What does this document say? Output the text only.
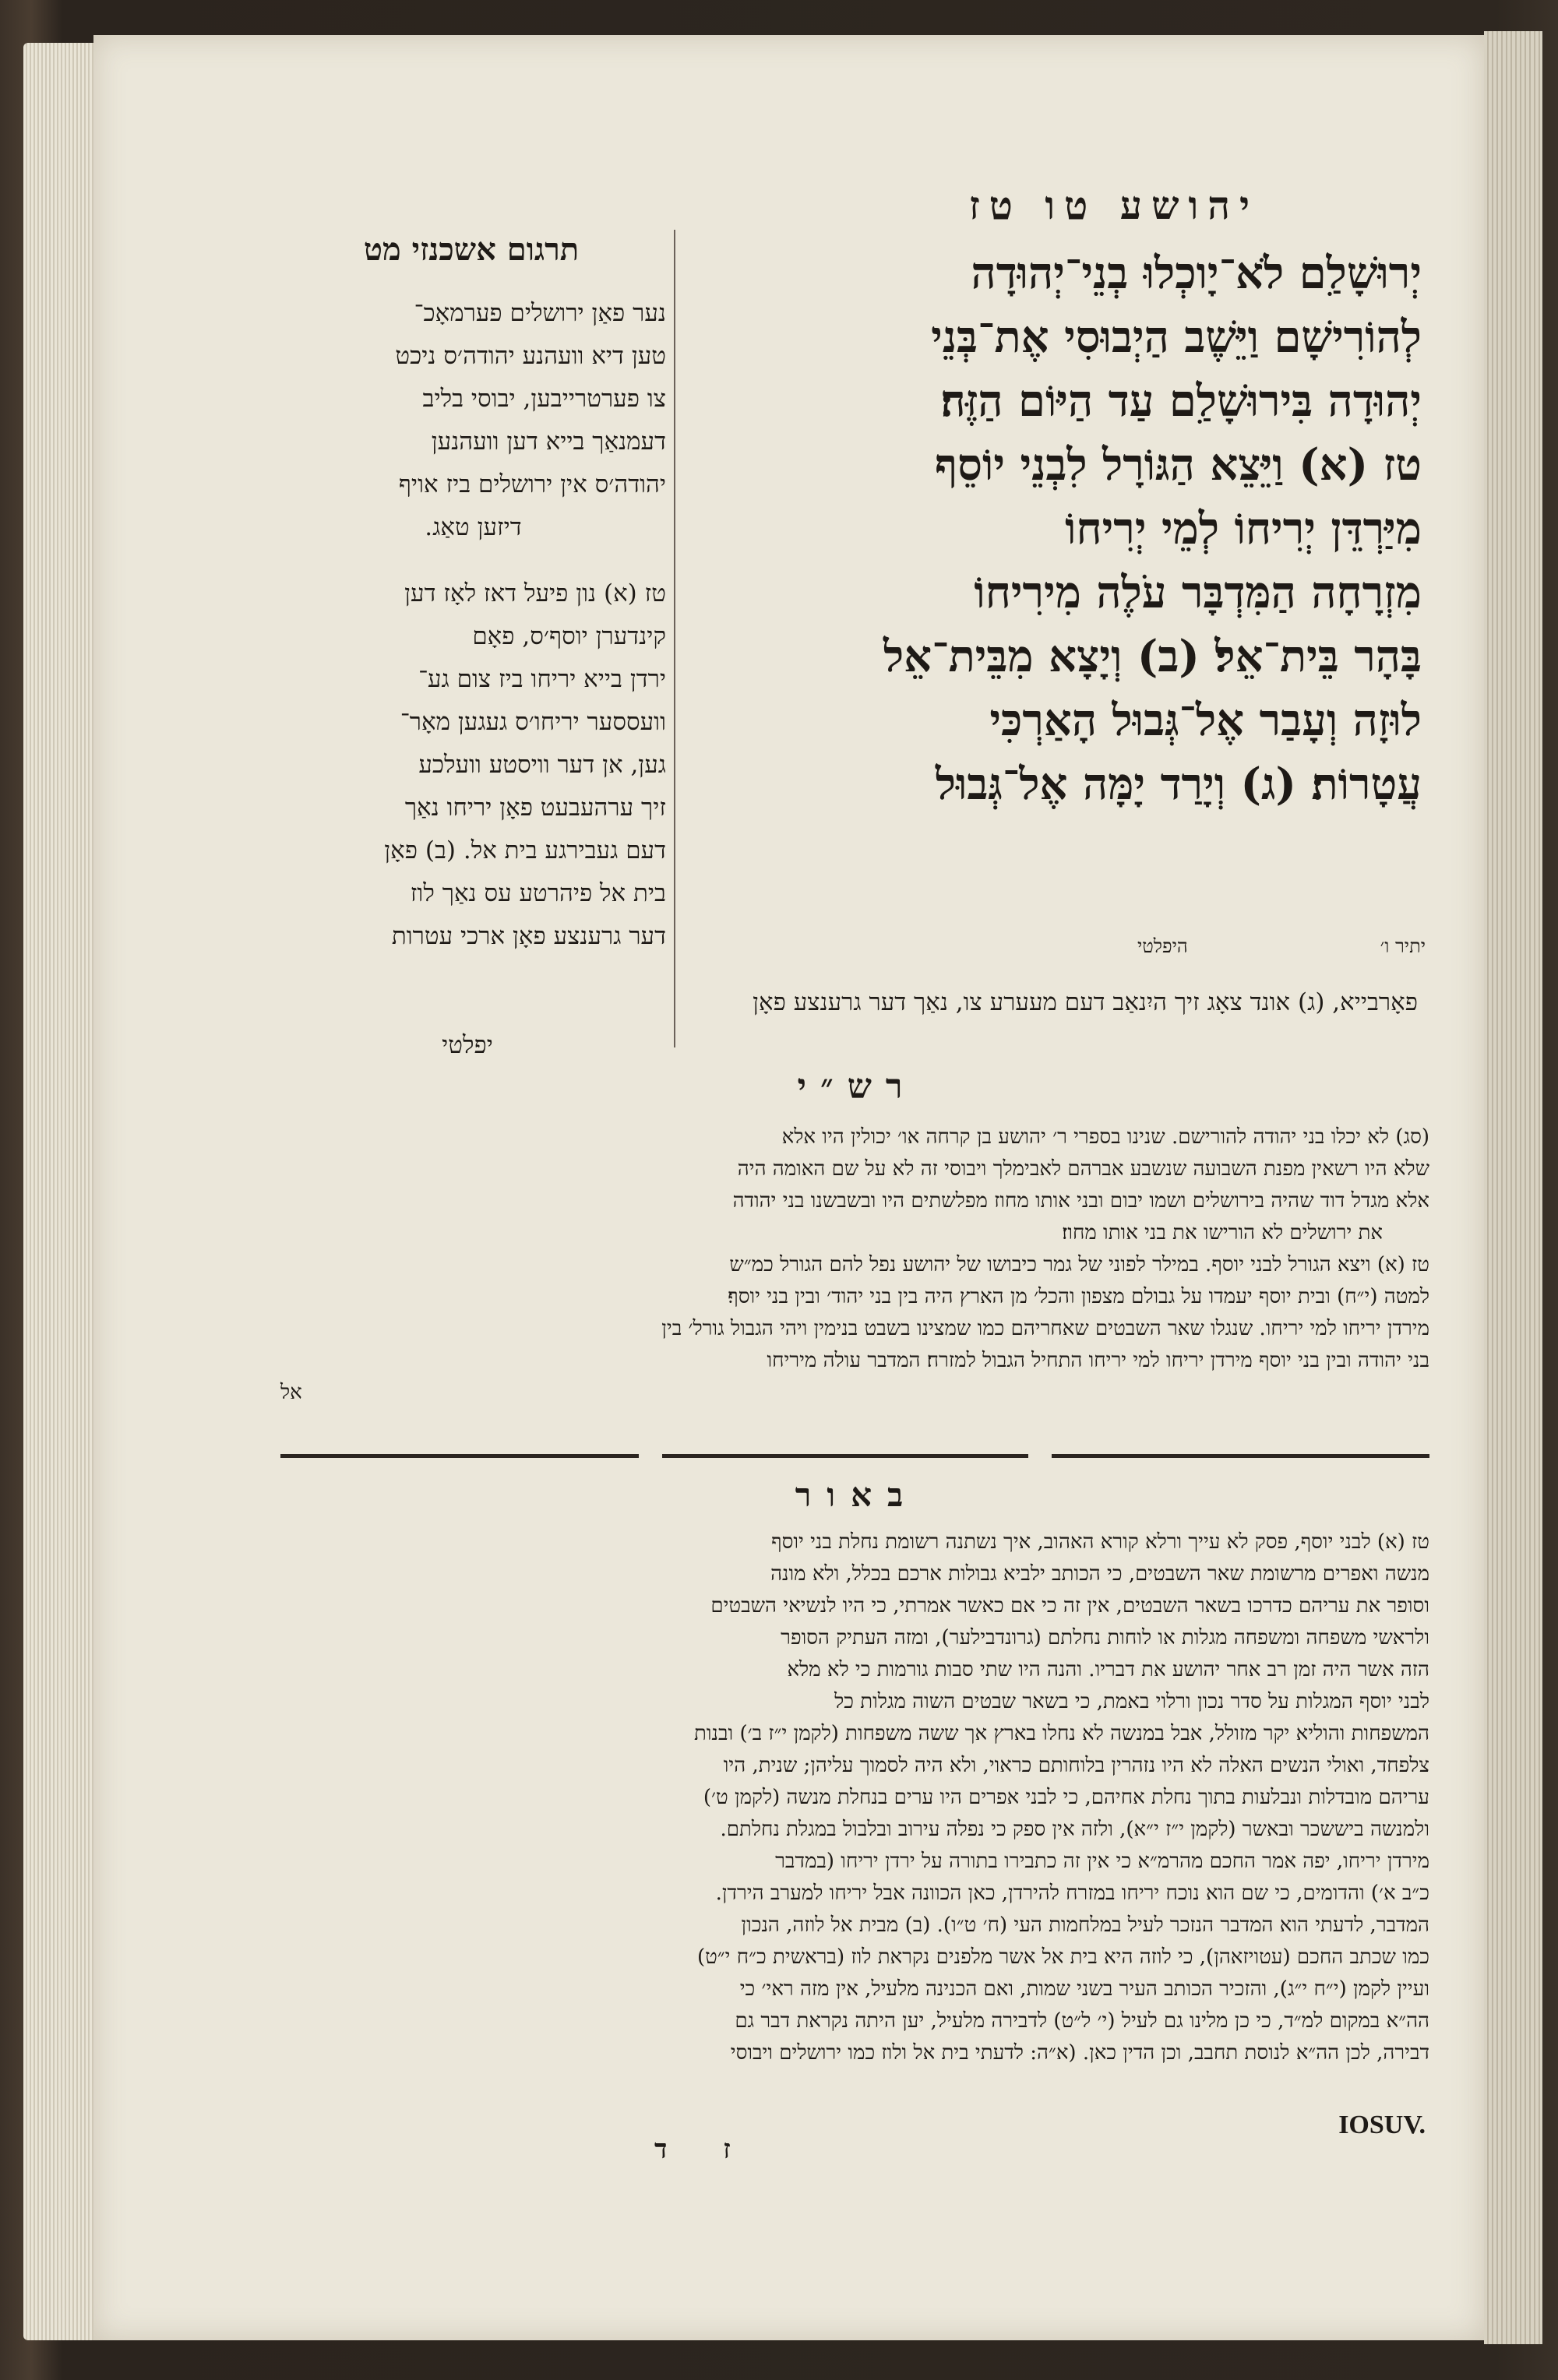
יהושע טו טז
תרגום אשכנזי מט	יְרוּשָׁלִַם לֹא־יָוכְלוּ בְנֵי־יְהוּדָה
לְהוֹרִישָׁם וַיֵּשֶׁב הַיְבוּסִי אֶת־בְּנֵי
יְהוּדָה בִּירוּשָׁלִַם עַד הַיּוֹם הַזֶּה׃
טז (א) וַיֵּצֵא הַגּוֹרָל לִבְנֵי יוֹסֵף
מִיַּרְדֵּן יְרִיחוֹ לְמֵי יְרִיחוֹ
מִזְרָחָה הַמִּדְבָּר עֹלֶה מִירִיחוֹ
בָּהָר בֵּית־אֵל׃ (ב) וְיָצָא מִבֵּית־אֵל
לוּזָה וְעָבַר אֶל־גְּבוּל הָאַרְכִּי
עֲטָרוֹת׃ (ג) וְיָרַד יָמָּה אֶל־גְּבוּל
היפלטי	יתיר ו׳
נער פאַן ירושלים פערמאָכ־
טען דיא וועהנע יהודה׳ס ניכט
צו פערטרייבען, יבוסי בליב
דעמנאַך בייא דען וועהנען
יהודה׳ס אין ירושלים ביז אויף
דיזען טאַג.
טז (א) נון פיעל דאז לאָז דען
קינדערן יוסף׳ס, פאָם
ירדן בייא יריחו ביז צום גע־
וועססער יריחו׳ס געגען מאָר־
גען, אן דער וויסטע וועלכע
זיך ערהעבעט פאָן יריחו נאַך
דעם געבירגע בית אל. (ב) פאָן
בית אל פיהרטע עס נאַך לוז
דער גרענצע פאָן ארכי עטרות
פאָרבייא, (ג) אונד צאָג זיך היִנאַב דעם מעערע צו, נאַך דער גרענצע פאָן
יפלטי
רש״י
(סג) לא יכלו בני יהודה להורישם. שנינו בספרי ר׳ יהושע בן קרחה או׳ יכולין היו אלא
שלא היו רשאין מפנת השבועה שנשבע אברהם לאבימלך ויבוסי זה לא על שם האומה היה
אלא מגדל דוד שהיה בירושלים ושמו יבום ובני אותו מחוז מפלשתים היו ובשבשנו בני יהודה
את ירושלים לא הורישו את בני אותו מחוז׃
טז (א) ויצא הגורל לבני יוסף. במילר לפוני של גמר כיבושו של יהושע נפל להם הגורל כמ״ש
למטה (י״ח) ובית יוסף יעמדו על גבולם מצפון והכל׳ מן הארץ היה בין בני יהוד׳ ובין בני יוסף׃
מירדן יריחו למי יריחו. שנגלו שאר השבטים שאחריהם כמו שמצינו בשבט בנימין ויהי הגבול גורל׳ בין
בני יהודה ובין בני יוסף מירדן יריחו למי יריחו התחיל הגבול למזרח׃ המדבר עולה מיריחו
אל
באור
טז (א) לבני יוסף, פסק לא עייך ורלא קורא האהוב, איך נשתנה רשומת נחלת בני יוסף
מנשה ואפרים מרשומת שאר השבטים, כי הכותב ילביא גבולות ארכם בכלל, ולא מונה
וסופר את עריהם כדרכו בשאר השבטים, אין זה כי אם כאשר אמרתי, כי היו לנשיאי השבטים
ולראשי משפחה ומשפחה מגלות או לוחות נחלתם (גרונדבילער), ומזה העתיק הסופר
הזה אשר היה זמן רב אחר יהושע את דבריו. והנה היו שתי סבות גורמות כי לא מלא
לבני יוסף המגלות על סדר נכון ורלוי באמת, כי בשאר שבטים השוה מגלות כל
המשפחות והוליא יקר מזולל, אבל במנשה לא נחלו בארץ אך ששה משפחות (לקמן י״ז ב׳) ובנות
צלפחד, ואולי הנשים האלה לא היו נזהרין בלוחותם כראוי, ולא היה לסמוך עליהן; שנית, היו
עריהם מובדלות ונבלעות בתוך נחלת אחיהם, כי לבני אפרים היו ערים בנחלת מנשה (לקמן ט׳)
ולמנשה ביששכר ובאשר (לקמן י״ז י״א), ולזה אין ספק כי נפלה עירוב ובלבול במגלת נחלתם.
מירדן יריחו, יפה אמר החכם מהרמ״א כי אין זה כתבירו בתורה על ירדן יריחו (במדבר
כ״ב א׳) והדומים, כי שם הוא נוכח יריחו במזרח להירדן, כאן הכוונה אבל יריחו למערב הירדן.
המדבר, לדעתי הוא המדבר הנזכר לעיל במלחמות העי (ח׳ ט״ו). (ב) מבית אל לוזה, הנכון
כמו שכתב החכם (עטויזאהן), כי לוזה היא בית אל אשר מלפנים נקראת לוז (בראשית כ״ח י״ט)
ועיין לקמן (י״ח י״ג), והזכיר הכותב העיר בשני שמות, ואם הכנינה מלעיל, אין מזה ראי׳ כי
הה״א במקום למ״ד, כי כן מלינו גם לעיל (י׳ ל״ט) לדבירה מלעיל, יען היתה נקראת דבר גם
דבירה, לכן הה״א לנוסת תחבב, וכן הדין כאן. (א״ה: לדעתי בית אל ולוז כמו ירושלים ויבוסי
ז ד
IOSUV.
